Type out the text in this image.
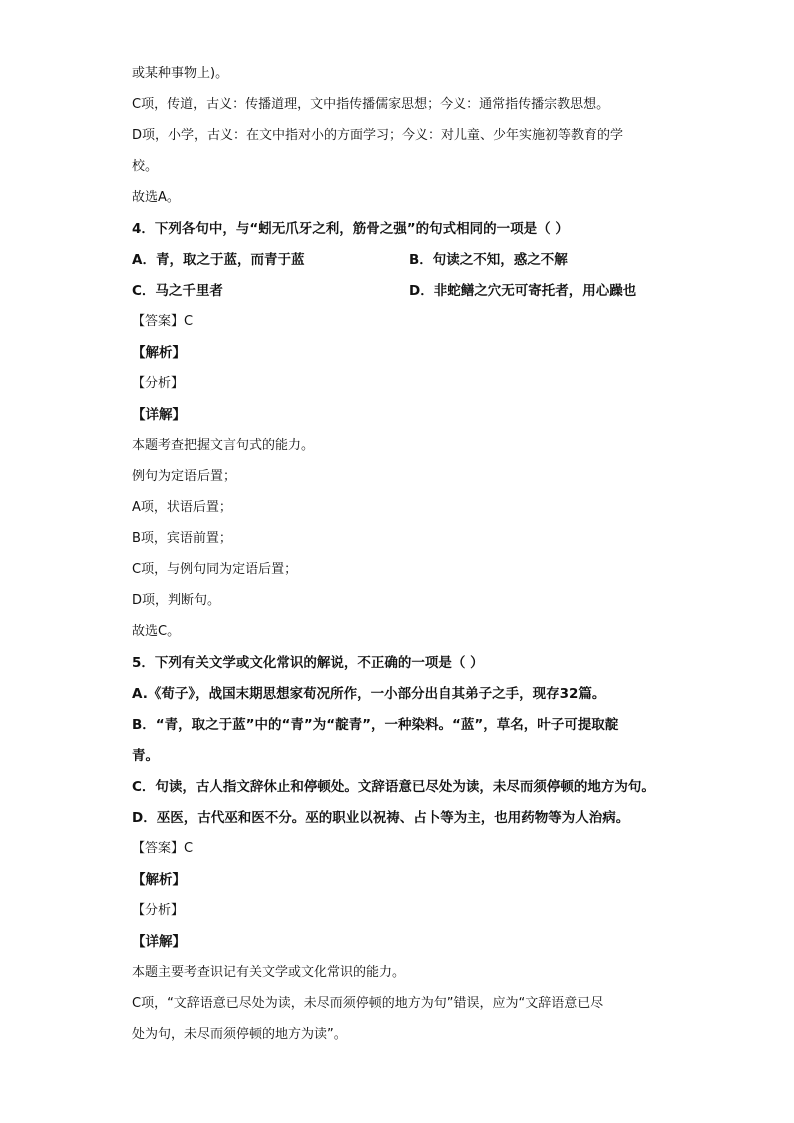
或某种事物上)。
C项，传道，古义：传播道理，文中指传播儒家思想；今义：通常指传播宗教思想。
D项，小学，古义：在文中指对小的方面学习；今义：对儿童、少年实施初等教育的学
校。
故选A。
4．下列各句中，与“蚓无爪牙之利，筋骨之强”的句式相同的一项是（ ）
A．青，取之于蓝，而青于蓝	B．句读之不知，惑之不解
C．马之千里者	D．非蛇鳝之穴无可寄托者，用心躁也
【答案】C
【解析】
【分析】
【详解】
本题考查把握文言句式的能力。
例句为定语后置；
A项，状语后置；
B项，宾语前置；
C项，与例句同为定语后置；
D项，判断句。
故选C。
5．下列有关文学或文化常识的解说，不正确的一项是（ ）
A.《荀子》，战国末期思想家荀况所作，一小部分出自其弟子之手，现存32篇。
B．“青，取之于蓝”中的“青”为“靛青”，一种染料。“蓝”，草名，叶子可提取靛
青。
C．句读，古人指文辞休止和停顿处。文辞语意已尽处为读，未尽而须停顿的地方为句。
D．巫医，古代巫和医不分。巫的职业以祝祷、占卜等为主，也用药物等为人治病。
【答案】C
【解析】
【分析】
【详解】
本题主要考查识记有关文学或文化常识的能力。
C项，“文辞语意已尽处为读，未尽而须停顿的地方为句”错误，应为“文辞语意已尽
处为句，未尽而须停顿的地方为读”。
